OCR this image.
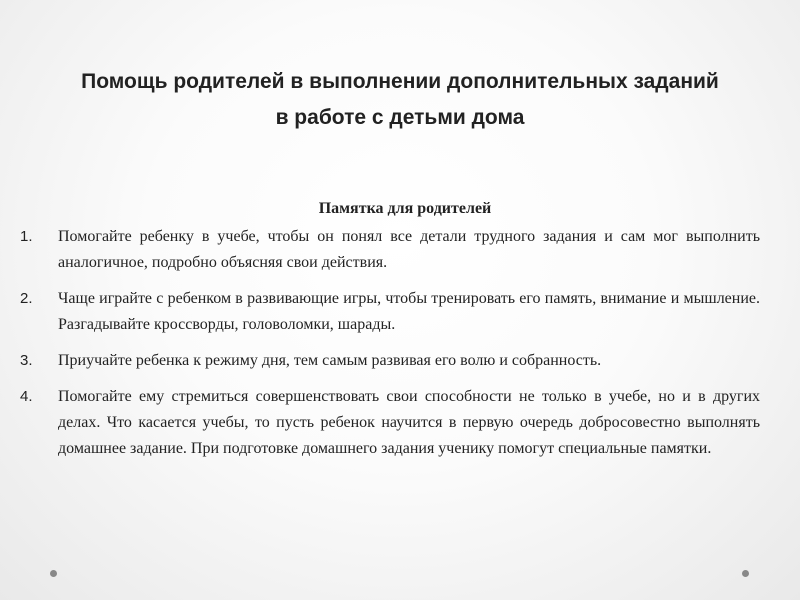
Помощь родителей в выполнении дополнительных заданий
в работе с детьми дома
Памятка для родителей
1. Помогайте ребенку в учебе, чтобы он понял все детали трудного задания и сам мог выполнить аналогичное, подробно объясняя свои действия.
2. Чаще играйте с ребенком в развивающие игры, чтобы тренировать его память, внимание и мышление. Разгадывайте кроссворды, головоломки, шарады.
3. Приучайте ребенка к режиму дня, тем самым развивая его волю и собранность.
4. Помогайте ему стремиться совершенствовать свои способности не только в учебе, но и в других делах. Что касается учебы, то пусть ребенок научится в первую очередь добросовестно выполнять домашнее задание. При подготовке домашнего задания ученику помогут специальные памятки.
